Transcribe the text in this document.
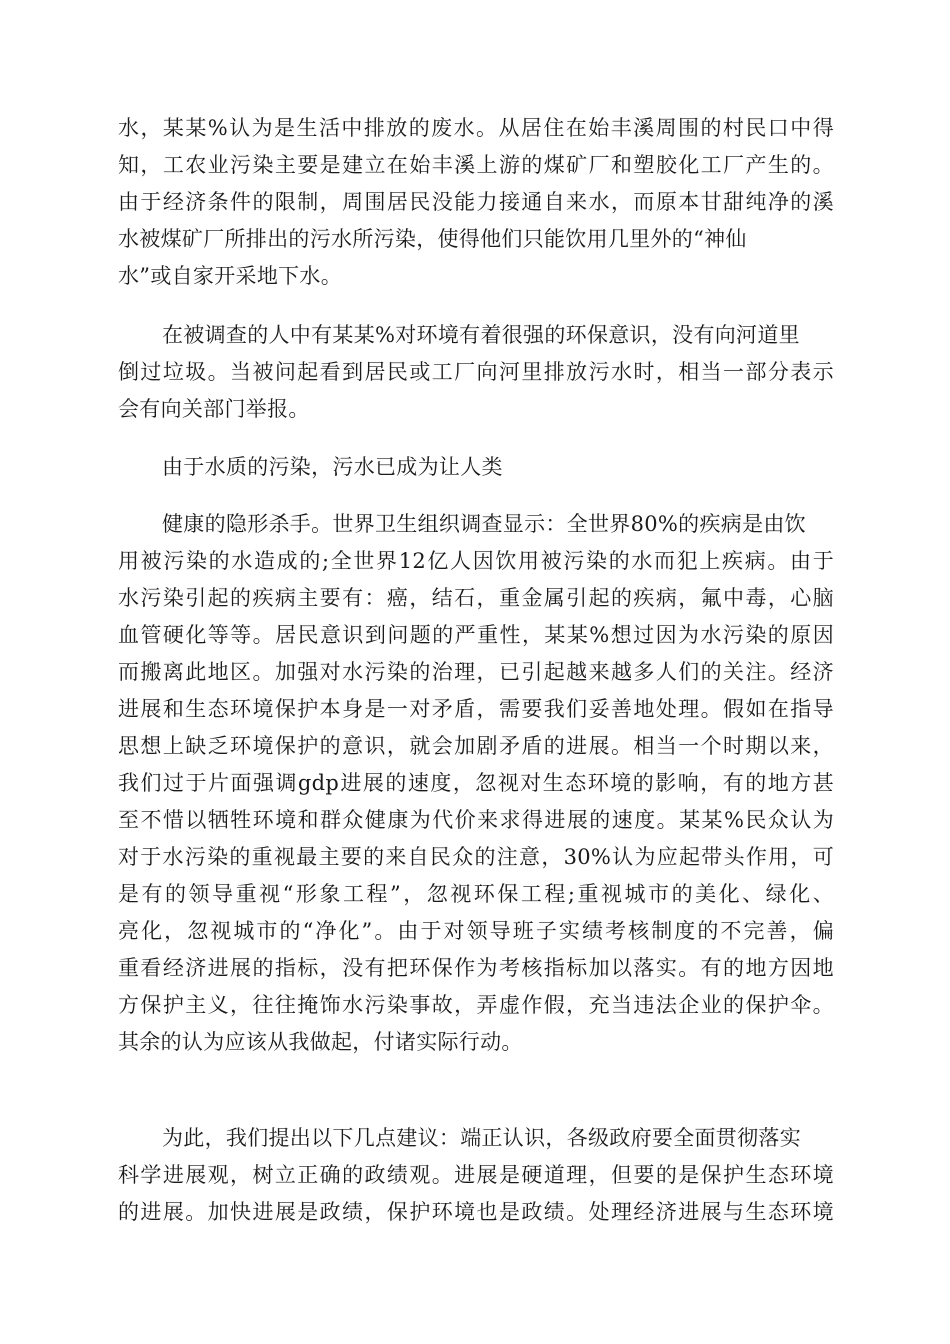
水，某某%认为是生活中排放的废水。从居住在始丰溪周围的村民口中得
知，工农业污染主要是建立在始丰溪上游的煤矿厂和塑胶化工厂产生的。
由于经济条件的限制，周围居民没能力接通自来水，而原本甘甜纯净的溪
水被煤矿厂所排出的污水所污染，使得他们只能饮用几里外的“神仙
水”或自家开采地下水。
在被调查的人中有某某%对环境有着很强的环保意识，没有向河道里
倒过垃圾。当被问起看到居民或工厂向河里排放污水时，相当一部分表示
会有向关部门举报。
由于水质的污染，污水已成为让人类
健康的隐形杀手。世界卫生组织调查显示：全世界80%的疾病是由饮
用被污染的水造成的;全世界12亿人因饮用被污染的水而犯上疾病。由于
水污染引起的疾病主要有：癌，结石，重金属引起的疾病，氟中毒，心脑
血管硬化等等。居民意识到问题的严重性，某某%想过因为水污染的原因
而搬离此地区。加强对水污染的治理，已引起越来越多人们的关注。经济
进展和生态环境保护本身是一对矛盾，需要我们妥善地处理。假如在指导
思想上缺乏环境保护的意识，就会加剧矛盾的进展。相当一个时期以来，
我们过于片面强调gdp进展的速度，忽视对生态环境的影响，有的地方甚
至不惜以牺牲环境和群众健康为代价来求得进展的速度。某某%民众认为
对于水污染的重视最主要的来自民众的注意，30%认为应起带头作用，可
是有的领导重视“形象工程”，忽视环保工程;重视城市的美化、绿化、
亮化，忽视城市的“净化”。由于对领导班子实绩考核制度的不完善，偏
重看经济进展的指标，没有把环保作为考核指标加以落实。有的地方因地
方保护主义，往往掩饰水污染事故，弄虚作假，充当违法企业的保护伞。
其余的认为应该从我做起，付诸实际行动。
为此，我们提出以下几点建议：端正认识，各级政府要全面贯彻落实
科学进展观，树立正确的政绩观。进展是硬道理，但要的是保护生态环境
的进展。加快进展是政绩，保护环境也是政绩。处理经济进展与生态环境
